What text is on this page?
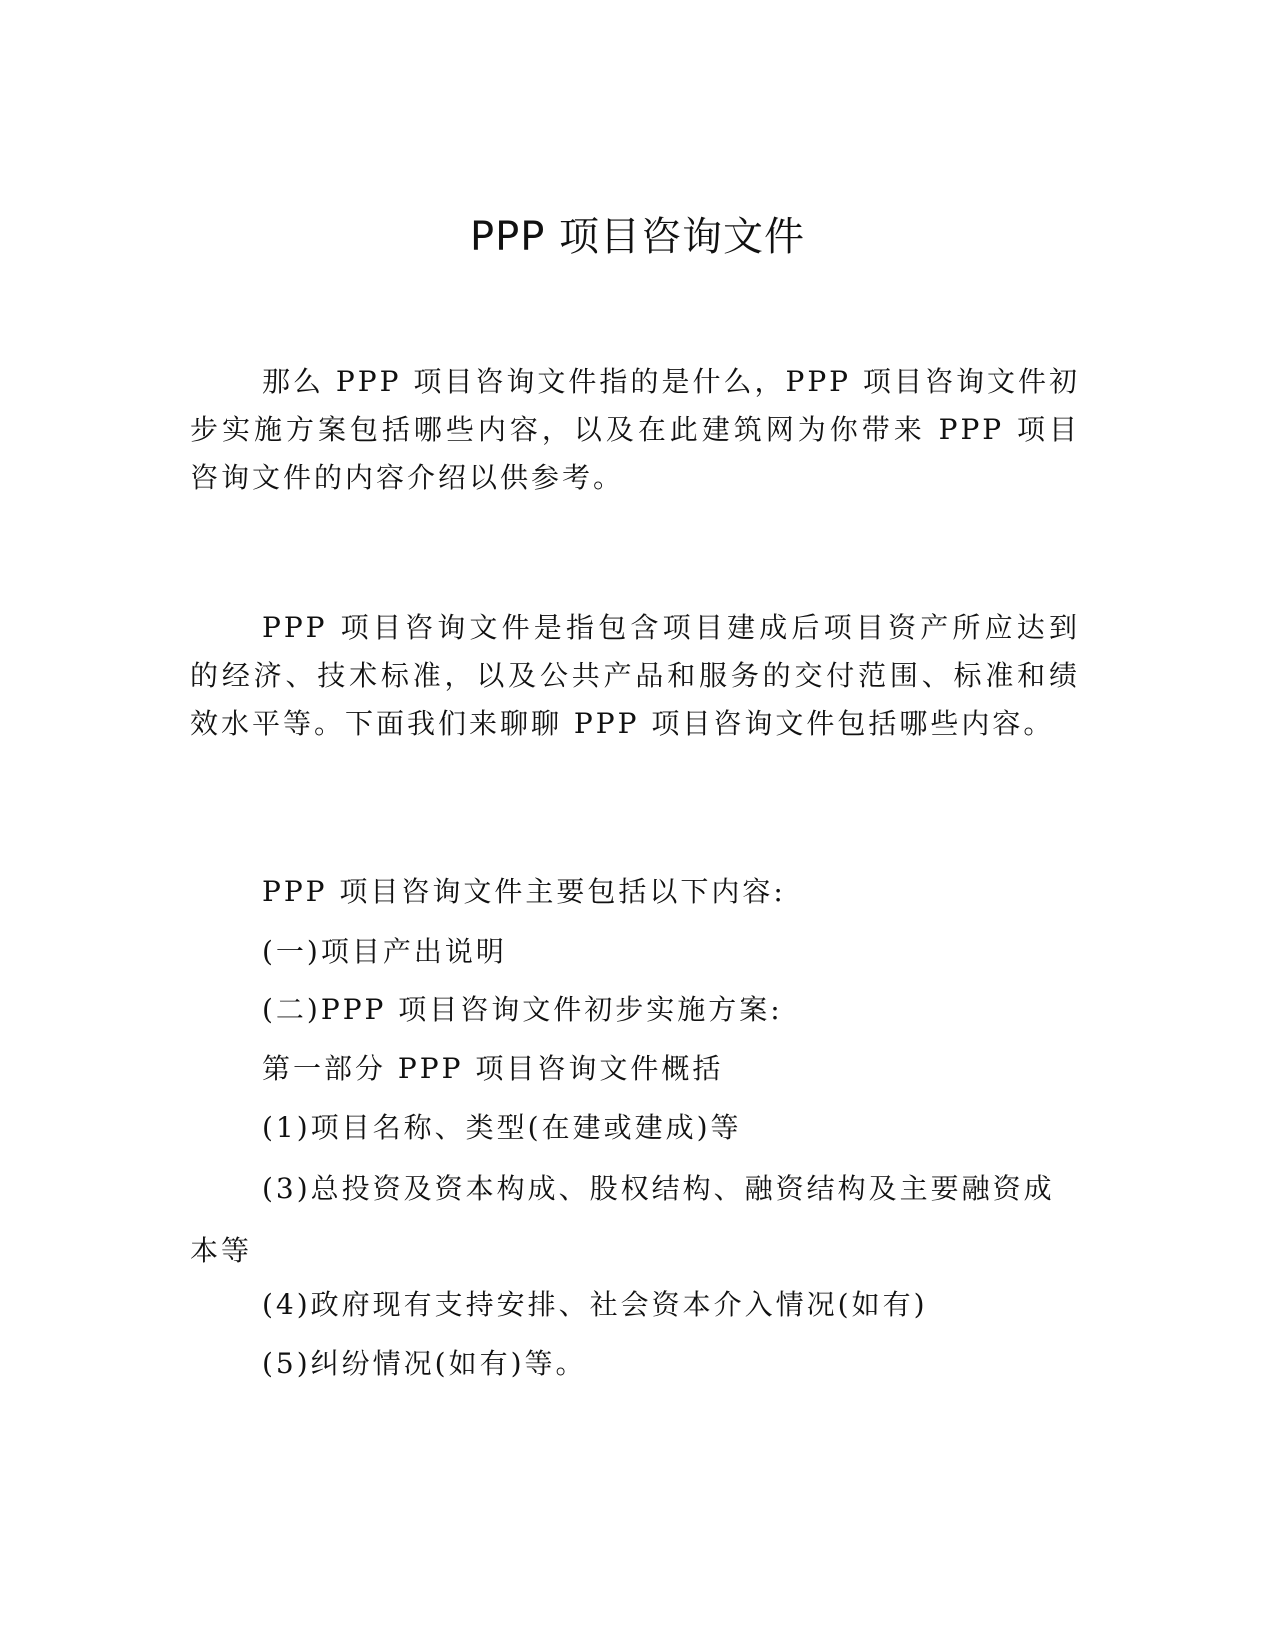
PPP 项目咨询文件

那么 PPP 项目咨询文件指的是什么，PPP 项目咨询文件初步实施方案包括哪些内容，以及在此建筑网为你带来 PPP 项目咨询文件的内容介绍以供参考。

PPP 项目咨询文件是指包含项目建成后项目资产所应达到的经济、技术标准，以及公共产品和服务的交付范围、标准和绩效水平等。下面我们来聊聊 PPP 项目咨询文件包括哪些内容。

PPP 项目咨询文件主要包括以下内容:

(一)项目产出说明

(二)PPP 项目咨询文件初步实施方案:

第一部分 PPP 项目咨询文件概括

(1)项目名称、类型(在建或建成)等

(3)总投资及资本构成、股权结构、融资结构及主要融资成本等

(4)政府现有支持安排、社会资本介入情况(如有)

(5)纠纷情况(如有)等。
